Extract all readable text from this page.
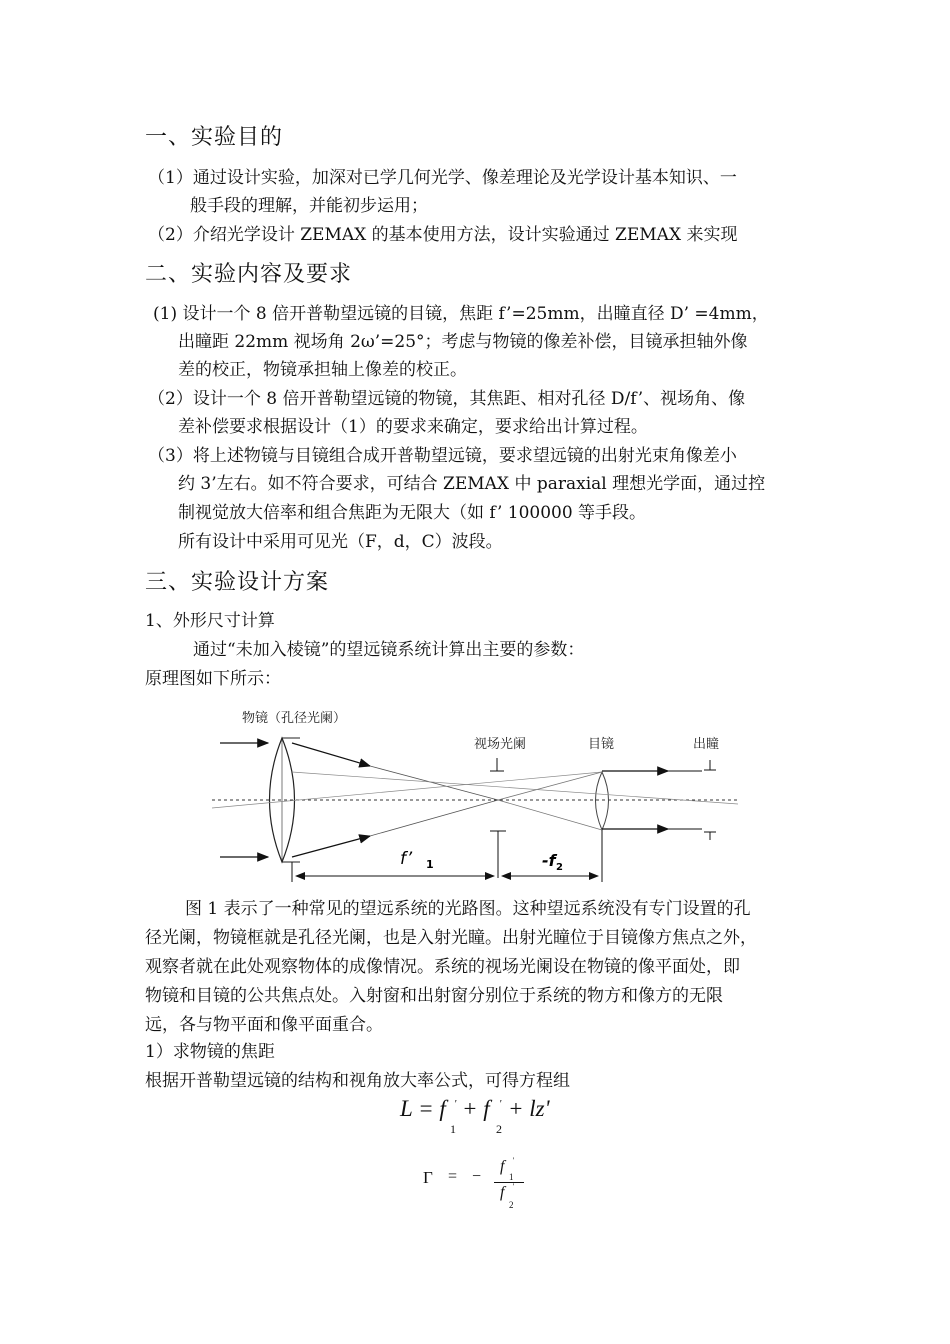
一、实验目的
（1）通过设计实验，加深对已学几何光学、像差理论及光学设计基本知识、一
般手段的理解，并能初步运用；
（2）介绍光学设计 ZEMAX 的基本使用方法，设计实验通过 ZEMAX 来实现
二、实验内容及要求
(1) 设计一个 8 倍开普勒望远镜的目镜，焦距 f’=25mm，出瞳直径 D’ =4mm，
出瞳距 22mm 视场角 2ω’=25°；考虑与物镜的像差补偿，目镜承担轴外像
差的校正，物镜承担轴上像差的校正。
（2）设计一个 8 倍开普勒望远镜的物镜，其焦距、相对孔径 D/f’、视场角、像
差补偿要求根据设计（1）的要求来确定，要求给出计算过程。
（3）将上述物镜与目镜组合成开普勒望远镜，要求望远镜的出射光束角像差小
约 3’左右。如不符合要求，可结合 ZEMAX 中 paraxial 理想光学面，通过控
制视觉放大倍率和组合焦距为无限大（如 f’ 100000 等手段。
所有设计中采用可见光（F，d，C）波段。
三、实验设计方案
1、外形尺寸计算
通过“未加入棱镜”的望远镜系统计算出主要的参数：
原理图如下所示：
物镜（孔径光阑）
视场光阑	目镜	出瞳
f’ 1	-f 2
图 1 表示了一种常见的望远系统的光路图。这种望远系统没有专门设置的孔
径光阑，物镜框就是孔径光阑，也是入射光瞳。出射光瞳位于目镜像方焦点之外，
观察者就在此处观察物体的成像情况。系统的视场光阑设在物镜的像平面处，即
物镜和目镜的公共焦点处。入射窗和出射窗分别位于系统的物方和像方的无限
远，各与物平面和像平面重合。
1）求物镜的焦距
根据开普勒望远镜的结构和视角放大率公式，可得方程组
L = f '
1
+ f '
2
+ lz'
Γ = −
f '
1
f '
2
